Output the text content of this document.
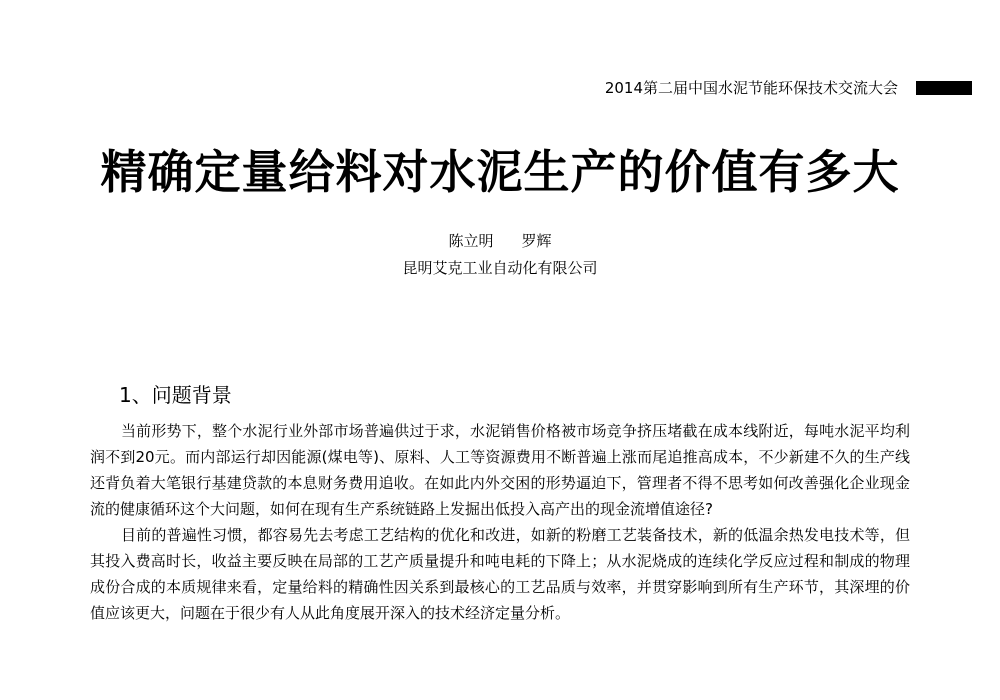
2014第二届中国水泥节能环保技术交流大会
精确定量给料对水泥生产的价值有多大
陈立明 罗辉
昆明艾克工业自动化有限公司
1、问题背景

当前形势下，整个水泥行业外部市场普遍供过于求，水泥销售价格被市场竞争挤压堵截在成本线附近，每吨水泥平均利润不到20元。而内部运行却因能源(煤电等)、原料、人工等资源费用不断普遍上涨而尾追推高成本，不少新建不久的生产线还背负着大笔银行基建贷款的本息财务费用追收。在如此内外交困的形势逼迫下，管理者不得不思考如何改善强化企业现金流的健康循环这个大问题，如何在现有生产系统链路上发掘出低投入高产出的现金流增值途径?

目前的普遍性习惯，都容易先去考虑工艺结构的优化和改进，如新的粉磨工艺装备技术，新的低温余热发电技术等，但其投入费高时长，收益主要反映在局部的工艺产质量提升和吨电耗的下降上；从水泥烧成的连续化学反应过程和制成的物理成份合成的本质规律来看，定量给料的精确性因关系到最核心的工艺品质与效率，并贯穿影响到所有生产环节，其深埋的价值应该更大，问题在于很少有人从此角度展开深入的技术经济定量分析。
